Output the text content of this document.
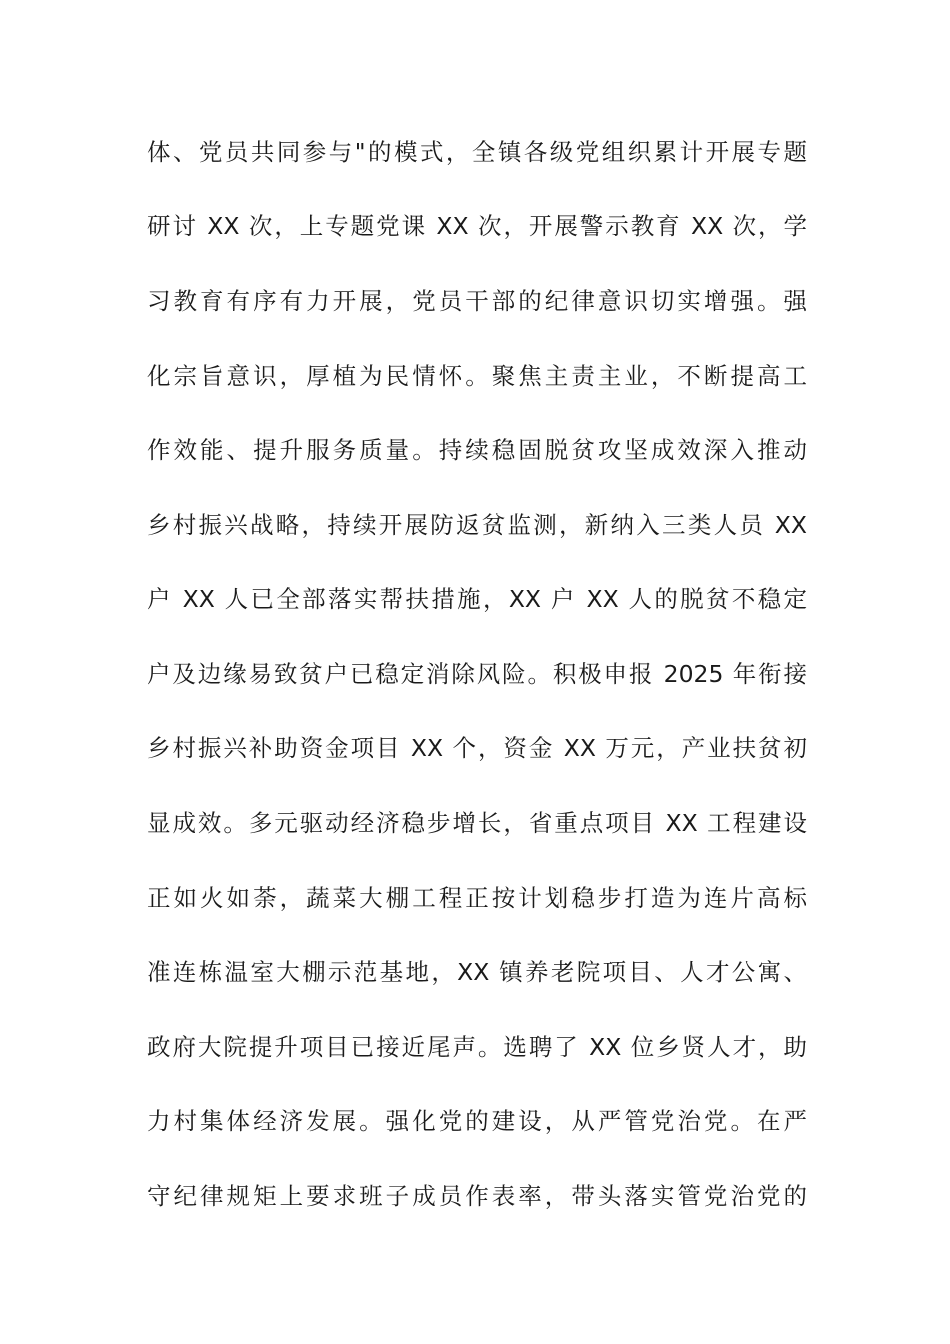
体、党员共同参与"的模式，全镇各级党组织累计开展专题
研讨 XX 次，上专题党课 XX 次，开展警示教育 XX 次，学
习教育有序有力开展，党员干部的纪律意识切实增强。强
化宗旨意识，厚植为民情怀。聚焦主责主业，不断提高工
作效能、提升服务质量。持续稳固脱贫攻坚成效深入推动
乡村振兴战略，持续开展防返贫监测，新纳入三类人员 XX
户 XX 人已全部落实帮扶措施，XX 户 XX 人的脱贫不稳定
户及边缘易致贫户已稳定消除风险。积极申报 2025 年衔接
乡村振兴补助资金项目 XX 个，资金 XX 万元，产业扶贫初
显成效。多元驱动经济稳步增长，省重点项目 XX 工程建设
正如火如荼，蔬菜大棚工程正按计划稳步打造为连片高标
准连栋温室大棚示范基地，XX 镇养老院项目、人才公寓、
政府大院提升项目已接近尾声。选聘了 XX 位乡贤人才，助
力村集体经济发展。强化党的建设，从严管党治党。在严
守纪律规矩上要求班子成员作表率，带头落实管党治党的
